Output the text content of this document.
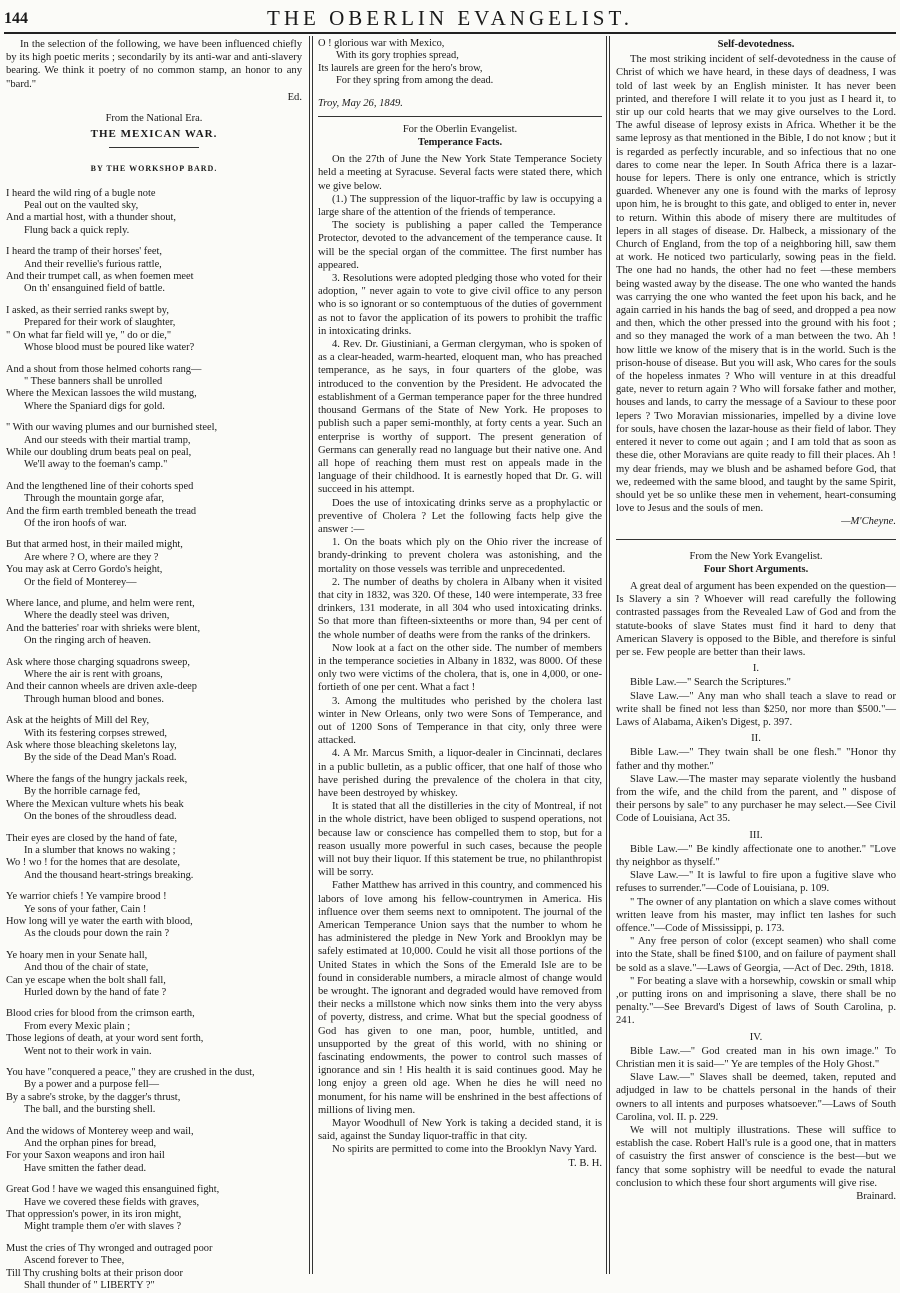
144	THE OBERLIN EVANGELIST.

In the selection of the following, we have been influenced chiefly by its high poetic merits ; secondarily by its anti-war and anti-slavery bearing. We think it poetry of no common stamp, an honor to any "bard."

Ed.

From the National Era.
THE MEXICAN WAR.
BY THE WORKSHOP BARD.
I heard the wild ring of a bugle note
Peal out on the vaulted sky,
And a martial host, with a thunder shout,
Flung back a quick reply.
I heard the tramp of their horses' feet,
And their revellie's furious rattle,
And their trumpet call, as when foemen meet
On th' ensanguined field of battle.
I asked, as their serried ranks swept by,
Prepared for their work of slaughter,
" On what far field will ye, " do or die,"
Whose blood must be poured like water?
And a shout from those helmed cohorts rang—
" These banners shall be unrolled
Where the Mexican lassoes the wild mustang,
Where the Spaniard digs for gold.
" With our waving plumes and our burnished steel,
And our steeds with their martial tramp,
While our doubling drum beats peal on peal,
We'll away to the foeman's camp."
And the lengthened line of their cohorts sped
Through the mountain gorge afar,
And the firm earth trembled beneath the tread
Of the iron hoofs of war.
But that armed host, in their mailed might,
Are where ? O, where are they ?
You may ask at Cerro Gordo's height,
Or the field of Monterey—
Where lance, and plume, and helm were rent,
Where the deadly steel was driven,
And the batteries' roar with shrieks were blent,
On the ringing arch of heaven.
Ask where those charging squadrons sweep,
Where the air is rent with groans,
And their cannon wheels are driven axle-deep
Through human blood and bones.
Ask at the heights of Mill del Rey,
With its festering corpses strewed,
Ask where those bleaching skeletons lay,
By the side of the Dead Man's Road.
Where the fangs of the hungry jackals reek,
By the horrible carnage fed,
Where the Mexican vulture whets his beak
On the bones of the shroudless dead.
Their eyes are closed by the hand of fate,
In a slumber that knows no waking ;
Wo ! wo ! for the homes that are desolate,
And the thousand heart-strings breaking.
Ye warrior chiefs ! Ye vampire brood !
Ye sons of your father, Cain !
How long will ye water the earth with blood,
As the clouds pour down the rain ?
Ye hoary men in your Senate hall,
And thou of the chair of state,
Can ye escape when the bolt shall fall,
Hurled down by the hand of fate ?
Blood cries for blood from the crimson earth,
From every Mexic plain ;
Those legions of death, at your word sent forth,
Went not to their work in vain.
You have "conquered a peace," they are crushed in the dust,
By a power and a purpose fell—
By a sabre's stroke, by the dagger's thrust,
The ball, and the bursting shell.
And the widows of Monterey weep and wail,
And the orphan pines for bread,
For your Saxon weapons and iron hail
Have smitten the father dead.
Great God ! have we waged this ensanguined fight,
Have we covered these fields with graves,
That oppression's power, in its iron might,
Might trample them o'er with slaves ?
Must the cries of Thy wronged and outraged poor
Ascend forever to Thee,
Till Thy crushing bolts at their prison door
Shall thunder of " LIBERTY ?"
O ! glorious war with Mexico,
With its gory trophies spread,
Its laurels are green for the hero's brow,
For they spring from among the dead.

Troy, May 26, 1849.

For the Oberlin Evangelist.
Temperance Facts.

On the 27th of June the New York State Temperance Society held a meeting at Syracuse. Several facts were stated there, which we give below.

(1.) The suppression of the liquor-traffic by law is occupying a large share of the attention of the friends of temperance.

The society is publishing a paper called the Temperance Protector, devoted to the advancement of the temperance cause. It will be the special organ of the committee. The first number has appeared.

3. Resolutions were adopted pledging those who voted for their adoption, " never again to vote to give civil office to any person who is so ignorant or so contemptuous of the duties of government as not to favor the application of its powers to prohibit the traffic in intoxicating drinks.

4. Rev. Dr. Giustiniani, a German clergyman, who is spoken of as a clear-headed, warm-hearted, eloquent man, who has preached temperance, as he says, in four quarters of the globe, was introduced to the convention by the President. He advocated the establishment of a German temperance paper for the three hundred thousand Germans of the State of New York. He proposes to publish such a paper semi-monthly, at forty cents a year. Such an enterprise is worthy of support. The present generation of Germans can generally read no language but their native one. And all hope of reaching them must rest on appeals made in the language of their childhood. It is earnestly hoped that Dr. G. will succeed in his attempt.

Does the use of intoxicating drinks serve as a prophylactic or preventive of Cholera ? Let the following facts help give the answer :—

1. On the boats which ply on the Ohio river the increase of brandy-drinking to prevent cholera was astonishing, and the mortality on those vessels was terrible and unprecedented.

2. The number of deaths by cholera in Albany when it visited that city in 1832, was 320. Of these, 140 were intemperate, 33 free drinkers, 131 moderate, in all 304 who used intoxicating drinks. So that more than fifteen-sixteenths or more than, 94 per cent of the whole number of deaths were from the ranks of the drinkers.

Now look at a fact on the other side. The number of members in the temperance societies in Albany in 1832, was 8000. Of these only two were victims of the cholera, that is, one in 4,000, or one-fortieth of one per cent. What a fact !

3. Among the multitudes who perished by the cholera last winter in New Orleans, only two were Sons of Temperance, and out of 1200 Sons of Temperance in that city, only three were attacked.

4. A Mr. Marcus Smith, a liquor-dealer in Cincinnati, declares in a public bulletin, as a public officer, that one half of those who have perished during the prevalence of the cholera in that city, have been destroyed by whiskey.

It is stated that all the distilleries in the city of Montreal, if not in the whole district, have been obliged to suspend operations, not because law or conscience has compelled them to stop, but for a reason usually more powerful in such cases, because the people will not buy their liquor. If this statement be true, no philanthropist will be sorry.

Father Matthew has arrived in this country, and commenced his labors of love among his fellow-countrymen in America. His influence over them seems next to omnipotent. The journal of the American Temperance Union says that the number to whom he has administered the pledge in New York and Brooklyn may be safely estimated at 10,000. Could he visit all those portions of the United States in which the Sons of the Emerald Isle are to be found in considerable numbers, a miracle almost of change would be wrought. The ignorant and degraded would have removed from their necks a millstone which now sinks them into the very abyss of poverty, distress, and crime. What but the special goodness of God has given to one man, poor, humble, untitled, and unsupported by the great of this world, with no shining or fascinating endowments, the power to control such masses of ignorance and sin ! His health it is said continues good. May he long enjoy a green old age. When he dies he will need no monument, for his name will be enshrined in the best affections of millions of living men.

Mayor Woodhull of New York is taking a decided stand, it is said, against the Sunday liquor-traffic in that city.

No spirits are permitted to come into the Brooklyn Navy Yard.

T. B. H.
Self-devotedness.

The most striking incident of self-devotedness in the cause of Christ of which we have heard, in these days of deadness, I was told of last week by an English minister. It has never been printed, and therefore I will relate it to you just as I heard it, to stir up our cold hearts that we may give ourselves to the Lord. The awful disease of leprosy exists in Africa. Whether it be the same leprosy as that mentioned in the Bible, I do not know ; but it is regarded as perfectly incurable, and so infectious that no one dares to come near the leper. In South Africa there is a lazar-house for lepers. There is only one entrance, which is strictly guarded. Whenever any one is found with the marks of leprosy upon him, he is brought to this gate, and obliged to enter in, never to return. Within this abode of misery there are multitudes of lepers in all stages of disease. Dr. Halbeck, a missionary of the Church of England, from the top of a neighboring hill, saw them at work. He noticed two particularly, sowing peas in the field. The one had no hands, the other had no feet —these members being wasted away by the disease. The one who wanted the hands was carrying the one who wanted the feet upon his back, and he again carried in his hands the bag of seed, and dropped a pea now and then, which the other pressed into the ground with his foot ; and so they managed the work of a man between the two. Ah ! how little we know of the misery that is in the world. Such is the prison-house of disease. But you will ask, Who cares for the souls of the hopeless inmates ? Who will venture in at this dreadful gate, never to return again ? Who will forsake father and mother, houses and lands, to carry the message of a Saviour to these poor lepers ? Two Moravian missionaries, impelled by a divine love for souls, have chosen the lazar-house as their field of labor. They entered it never to come out again ; and I am told that as soon as these die, other Moravians are quite ready to fill their places. Ah ! my dear friends, may we blush and be ashamed before God, that we, redeemed with the same blood, and taught by the same Spirit, should yet be so unlike these men in vehement, heart-consuming love to Jesus and the souls of men.

—M'Cheyne.

From the New York Evangelist.
Four Short Arguments.

A great deal of argument has been expended on the question—Is Slavery a sin ? Whoever will read carefully the following contrasted passages from the Revealed Law of God and from the statute-books of slave States must find it hard to deny that American Slavery is opposed to the Bible, and therefore is sinful per se. Few people are better than their laws.

I.

Bible Law.—" Search the Scriptures."

Slave Law.—" Any man who shall teach a slave to read or write shall be fined not less than $250, nor more than $500."—Laws of Alabama, Aiken's Digest, p. 397.

II.

Bible Law.—" They twain shall be one flesh." "Honor thy father and thy mother."

Slave Law.—The master may separate violently the husband from the wife, and the child from the parent, and " dispose of their persons by sale" to any purchaser he may select.—See Civil Code of Louisiana, Act 35.

III.

Bible Law.—" Be kindly affectionate one to another." "Love thy neighbor as thyself."

Slave Law.—" It is lawful to fire upon a fugitive slave who refuses to surrender."—Code of Louisiana, p. 109.

" The owner of any plantation on which a slave comes without written leave from his master, may inflict ten lashes for such offence."—Code of Mississippi, p. 173.

" Any free person of color (except seamen) who shall come into the State, shall be fined $100, and on failure of payment shall be sold as a slave."—Laws of Georgia, —Act of Dec. 29th, 1818.

" For beating a slave with a horsewhip, cowskin or small whip ,or putting irons on and imprisoning a slave, there shall be no penalty."—See Brevard's Digest of laws of South Carolina, p. 241.

IV.

Bible Law.—" God created man in his own image." To Christian men it is said—" Ye are temples of the Holy Ghost."

Slave Law.—" Slaves shall be deemed, taken, reputed and adjudged in law to be chattels personal in the hands of their owners to all intents and purposes whatsoever."—Laws of South Carolina, vol. II. p. 229.

We will not multiply illustrations. These will suffice to establish the case. Robert Hall's rule is a good one, that in matters of casuistry the first answer of conscience is the best—but we fancy that some sophistry will be needful to evade the natural conclusion to which these four short arguments will give rise.

Brainard.
